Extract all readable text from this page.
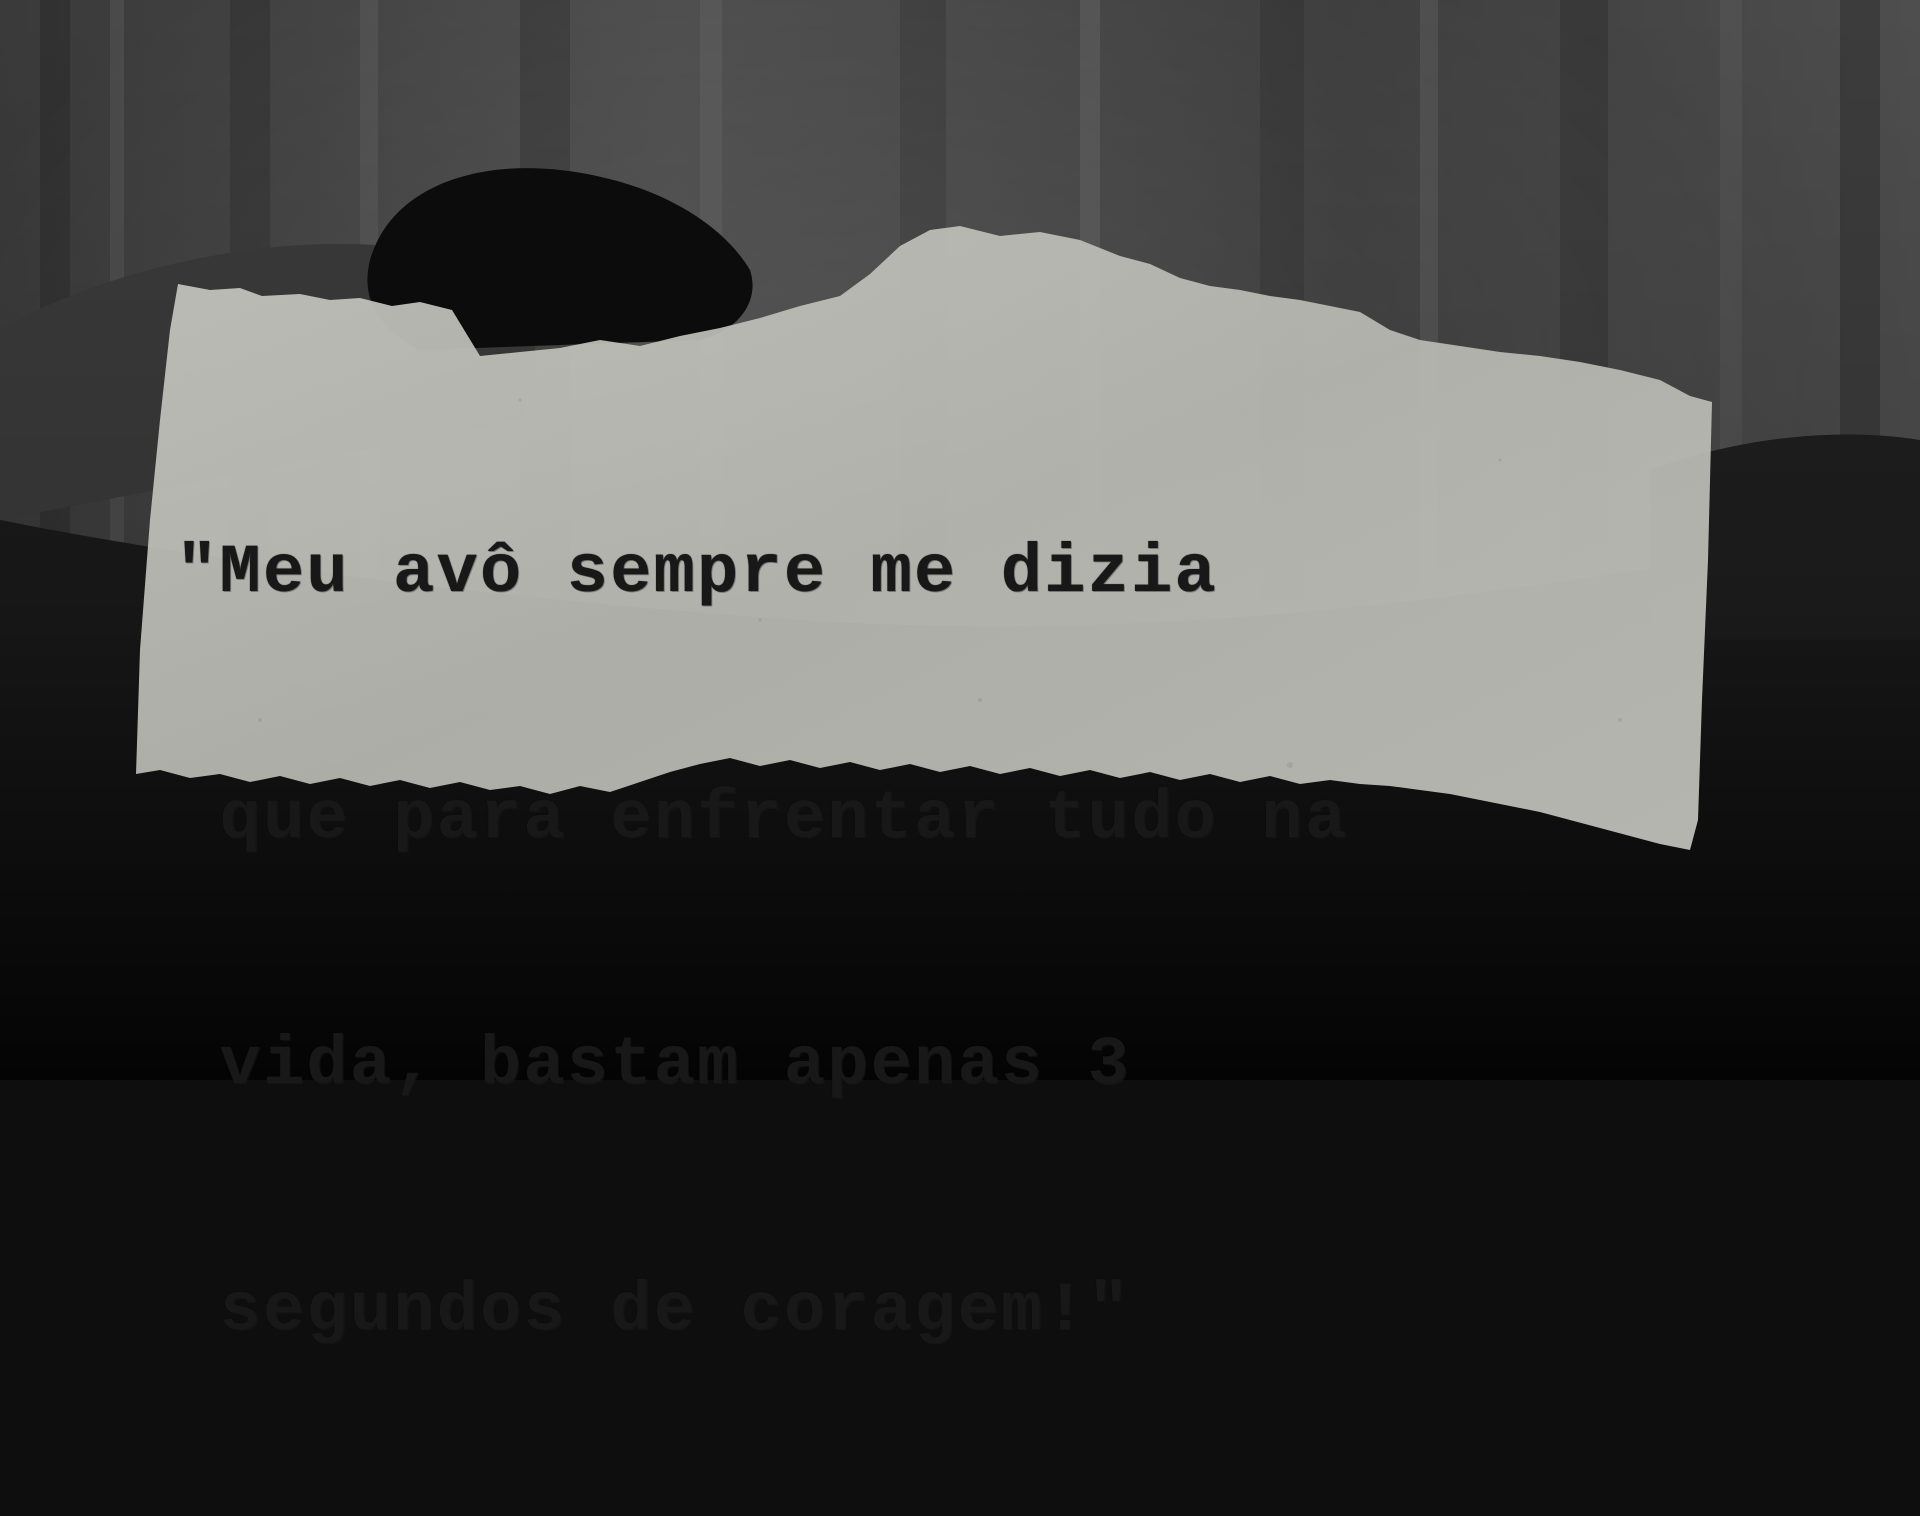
"Meu avô sempre me dizia

que para enfrentar tudo na

vida, bastam apenas 3

segundos de coragem!"
